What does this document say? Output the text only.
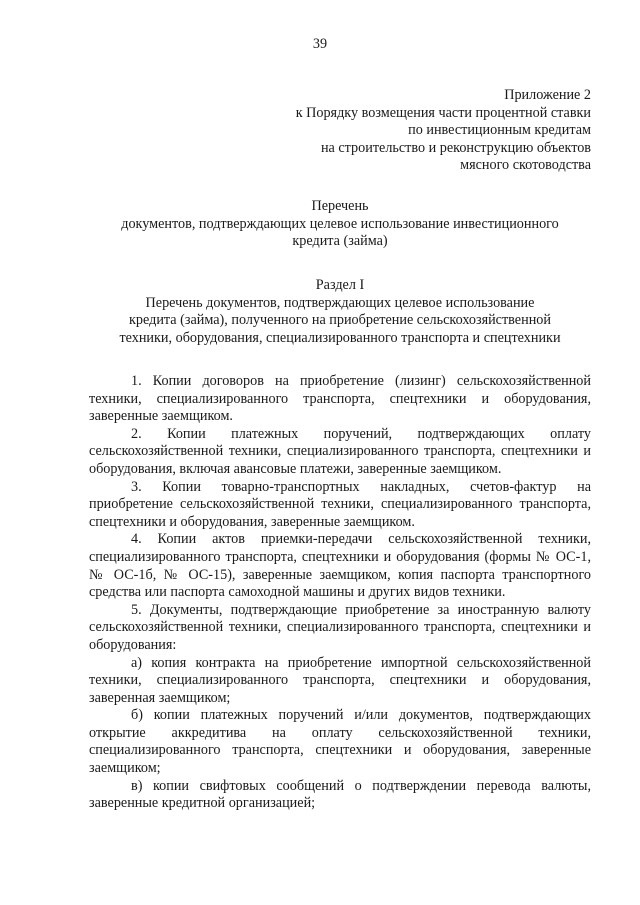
39
Приложение 2
к Порядку возмещения части процентной ставки
по инвестиционным кредитам
на строительство и реконструкцию объектов
мясного скотоводства
Перечень
документов, подтверждающих целевое использование инвестиционного
кредита (займа)
Раздел I
Перечень документов, подтверждающих целевое использование
кредита (займа), полученного на приобретение сельскохозяйственной
техники, оборудования, специализированного транспорта и спецтехники

1. Копии договоров на приобретение (лизинг) сельскохозяйственной техники, специализированного транспорта, спецтехники и оборудования, заверенные заемщиком.

2. Копии платежных поручений, подтверждающих оплату сельскохозяйственной техники, специализированного транспорта, спецтехники и оборудования, включая авансовые платежи, заверенные заемщиком.

3. Копии товарно-транспортных накладных, счетов-фактур на приобретение сельскохозяйственной техники, специализированного транспорта, спецтехники и оборудования, заверенные заемщиком.

4. Копии актов приемки-передачи сельскохозяйственной техники, специализированного транспорта, спецтехники и оборудования (формы № ОС-1, № ОС-1б, № ОС-15), заверенные заемщиком, копия паспорта транспортного средства или паспорта самоходной машины и других видов техники.

5. Документы, подтверждающие приобретение за иностранную валюту сельскохозяйственной техники, специализированного транспорта, спецтехники и оборудования:

а) копия контракта на приобретение импортной сельскохозяйственной техники, специализированного транспорта, спецтехники и оборудования, заверенная заемщиком;

б) копии платежных поручений и/или документов, подтверждающих открытие аккредитива на оплату сельскохозяйственной техники, специализированного транспорта, спецтехники и оборудования, заверенные заемщиком;

в) копии свифтовых сообщений о подтверждении перевода валюты, заверенные кредитной организацией;
